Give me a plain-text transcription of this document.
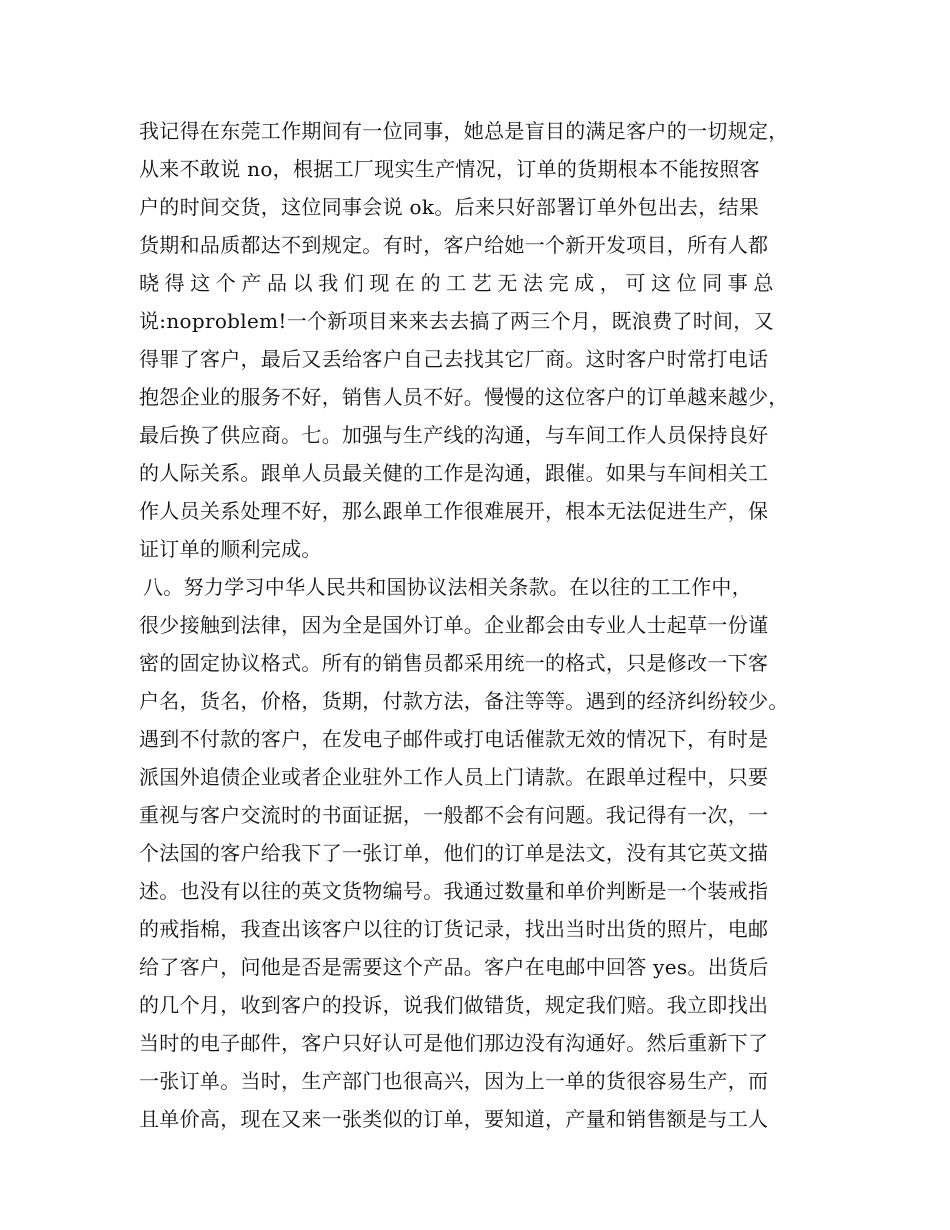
我记得在东莞工作期间有一位同事，她总是盲目的满足客户的一切规定，
从来不敢说 no，根据工厂现实生产情况，订单的货期根本不能按照客
户的时间交货，这位同事会说 ok。后来只好部署订单外包出去，结果
货期和品质都达不到规定。有时，客户给她一个新开发项目，所有人都
晓得这个产品以我们现在的工艺无法完成，可这位同事总
说:noproblem!一个新项目来来去去搞了两三个月，既浪费了时间，又
得罪了客户，最后又丢给客户自己去找其它厂商。这时客户时常打电话
抱怨企业的服务不好，销售人员不好。慢慢的这位客户的订单越来越少，
最后换了供应商。七。加强与生产线的沟通，与车间工作人员保持良好
的人际关系。跟单人员最关健的工作是沟通，跟催。如果与车间相关工
作人员关系处理不好，那么跟单工作很难展开，根本无法促进生产，保
证订单的顺利完成。
八。努力学习中华人民共和国协议法相关条款。在以往的工工作中，
很少接触到法律，因为全是国外订单。企业都会由专业人士起草一份谨
密的固定协议格式。所有的销售员都采用统一的格式，只是修改一下客
户名，货名，价格，货期，付款方法，备注等等。遇到的经济纠纷较少。
遇到不付款的客户，在发电子邮件或打电话催款无效的情况下，有时是
派国外追债企业或者企业驻外工作人员上门请款。在跟单过程中，只要
重视与客户交流时的书面证据，一般都不会有问题。我记得有一次，一
个法国的客户给我下了一张订单，他们的订单是法文，没有其它英文描
述。也没有以往的英文货物编号。我通过数量和单价判断是一个装戒指
的戒指棉，我查出该客户以往的订货记录，找出当时出货的照片，电邮
给了客户，问他是否是需要这个产品。客户在电邮中回答 yes。出货后
的几个月，收到客户的投诉，说我们做错货，规定我们赔。我立即找出
当时的电子邮件，客户只好认可是他们那边没有沟通好。然后重新下了
一张订单。当时，生产部门也很高兴，因为上一单的货很容易生产，而
且单价高，现在又来一张类似的订单，要知道，产量和销售额是与工人
